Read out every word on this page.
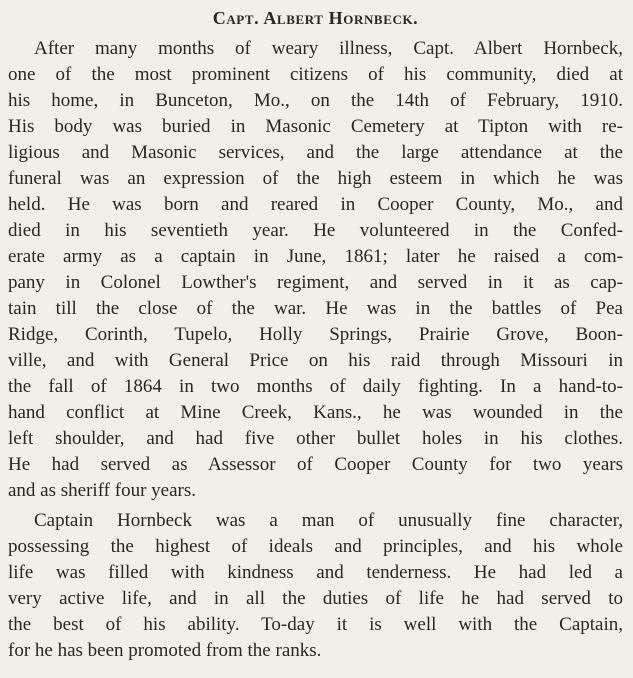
Capt. Albert Hornbeck.

After many months of weary illness, Capt. Albert Hornbeck,
one of the most prominent citizens of his community, died at
his home, in Bunceton, Mo., on the 14th of February, 1910.
His body was buried in Masonic Cemetery at Tipton with re-
ligious and Masonic services, and the large attendance at the
funeral was an expression of the high esteem in which he was
held. He was born and reared in Cooper County, Mo., and
died in his seventieth year. He volunteered in the Confed-
erate army as a captain in June, 1861; later he raised a com-
pany in Colonel Lowther's regiment, and served in it as cap-
tain till the close of the war. He was in the battles of Pea
Ridge, Corinth, Tupelo, Holly Springs, Prairie Grove, Boon-
ville, and with General Price on his raid through Missouri in
the fall of 1864 in two months of daily fighting. In a hand-to-
hand conflict at Mine Creek, Kans., he was wounded in the
left shoulder, and had five other bullet holes in his clothes.
He had served as Assessor of Cooper County for two years
and as sheriff four years.

Captain Hornbeck was a man of unusually fine character,
possessing the highest of ideals and principles, and his whole
life was filled with kindness and tenderness. He had led a
very active life, and in all the duties of life he had served to
the best of his ability. To-day it is well with the Captain,
for he has been promoted from the ranks.
